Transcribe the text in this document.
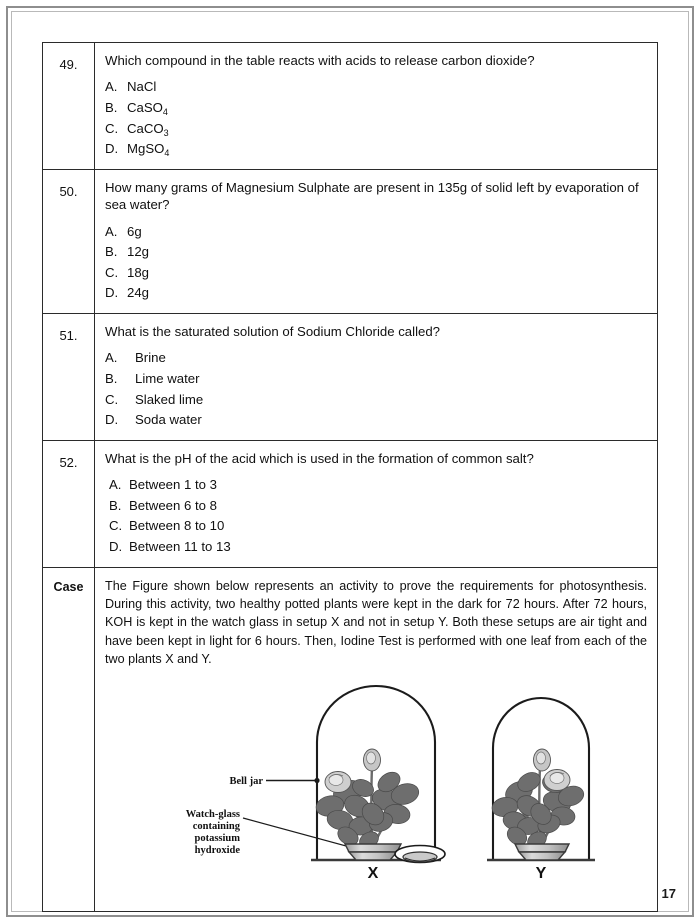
49.	Which compound in the table reacts with acids to release carbon dioxide?

A. NaCl
B. CaSO$_4$
C. CaCO$_3$
D. MgSO$_4$

50.	How many grams of Magnesium Sulphate are present in 135g of solid left by evaporation of sea water?

A. 6g
B. 12g
C. 18g
D. 24g

51.	What is the saturated solution of Sodium Chloride called?

A.	Brine
B.	Lime water
C.	Slaked lime
D.	Soda water

52.	What is the pH of the acid which is used in the formation of common salt?

A. Between 1 to 3
B. Between 6 to 8
C. Between 8 to 10
D. Between 11 to 13

Case	The Figure shown below represents an activity to prove the requirements for photosynthesis. During this activity, two healthy potted plants were kept in the dark for 72 hours. After 72 hours, KOH is kept in the watch glass in setup X and not in setup Y. Both these setups are air tight and have been kept in light for 6 hours. Then, Iodine Test is performed with one leaf from each of the two plants X and Y.

Bell jar
Watch-glass
containing
potassium
hydroxide
X	Y
17
